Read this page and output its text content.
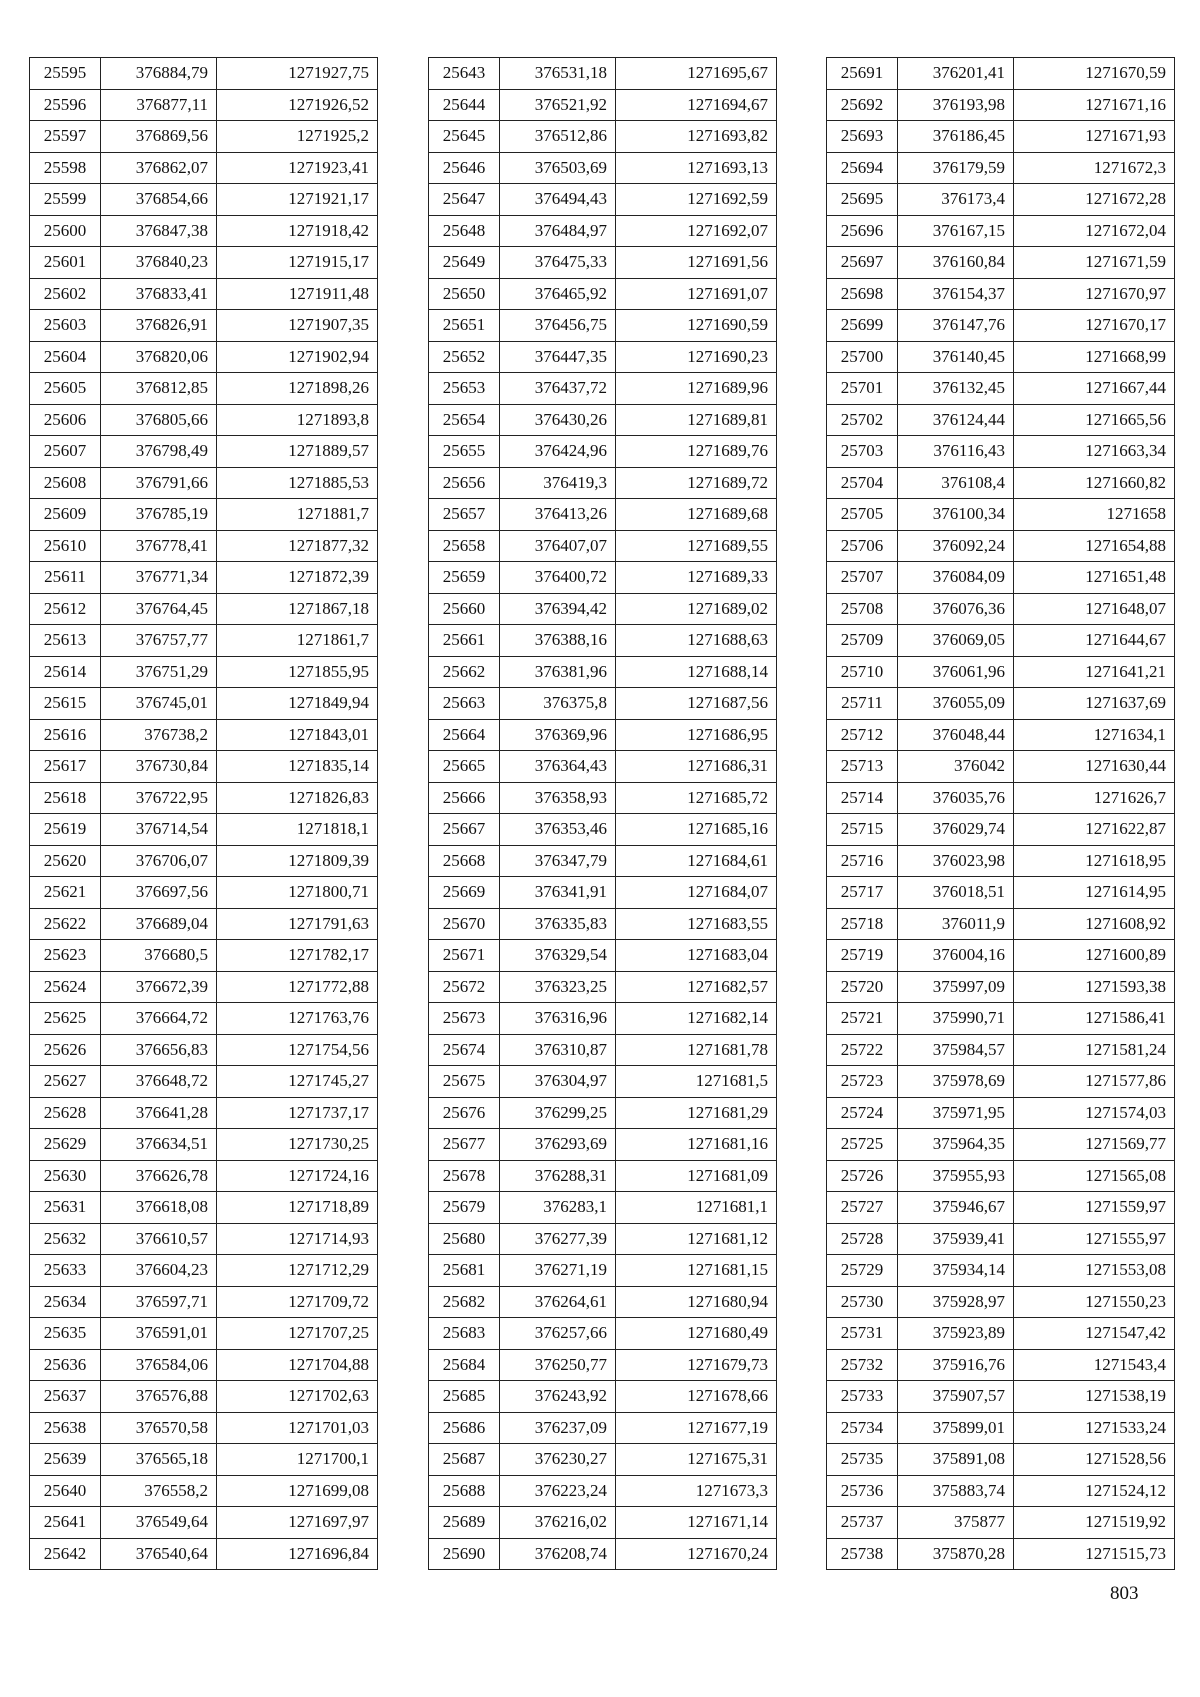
25595	376884,79	1271927,75
25596	376877,11	1271926,52
25597	376869,56	1271925,2
25598	376862,07	1271923,41
25599	376854,66	1271921,17
25600	376847,38	1271918,42
25601	376840,23	1271915,17
25602	376833,41	1271911,48
25603	376826,91	1271907,35
25604	376820,06	1271902,94
25605	376812,85	1271898,26
25606	376805,66	1271893,8
25607	376798,49	1271889,57
25608	376791,66	1271885,53
25609	376785,19	1271881,7
25610	376778,41	1271877,32
25611	376771,34	1271872,39
25612	376764,45	1271867,18
25613	376757,77	1271861,7
25614	376751,29	1271855,95
25615	376745,01	1271849,94
25616	376738,2	1271843,01
25617	376730,84	1271835,14
25618	376722,95	1271826,83
25619	376714,54	1271818,1
25620	376706,07	1271809,39
25621	376697,56	1271800,71
25622	376689,04	1271791,63
25623	376680,5	1271782,17
25624	376672,39	1271772,88
25625	376664,72	1271763,76
25626	376656,83	1271754,56
25627	376648,72	1271745,27
25628	376641,28	1271737,17
25629	376634,51	1271730,25
25630	376626,78	1271724,16
25631	376618,08	1271718,89
25632	376610,57	1271714,93
25633	376604,23	1271712,29
25634	376597,71	1271709,72
25635	376591,01	1271707,25
25636	376584,06	1271704,88
25637	376576,88	1271702,63
25638	376570,58	1271701,03
25639	376565,18	1271700,1
25640	376558,2	1271699,08
25641	376549,64	1271697,97
25642	376540,64	1271696,84
25643	376531,18	1271695,67
25644	376521,92	1271694,67
25645	376512,86	1271693,82
25646	376503,69	1271693,13
25647	376494,43	1271692,59
25648	376484,97	1271692,07
25649	376475,33	1271691,56
25650	376465,92	1271691,07
25651	376456,75	1271690,59
25652	376447,35	1271690,23
25653	376437,72	1271689,96
25654	376430,26	1271689,81
25655	376424,96	1271689,76
25656	376419,3	1271689,72
25657	376413,26	1271689,68
25658	376407,07	1271689,55
25659	376400,72	1271689,33
25660	376394,42	1271689,02
25661	376388,16	1271688,63
25662	376381,96	1271688,14
25663	376375,8	1271687,56
25664	376369,96	1271686,95
25665	376364,43	1271686,31
25666	376358,93	1271685,72
25667	376353,46	1271685,16
25668	376347,79	1271684,61
25669	376341,91	1271684,07
25670	376335,83	1271683,55
25671	376329,54	1271683,04
25672	376323,25	1271682,57
25673	376316,96	1271682,14
25674	376310,87	1271681,78
25675	376304,97	1271681,5
25676	376299,25	1271681,29
25677	376293,69	1271681,16
25678	376288,31	1271681,09
25679	376283,1	1271681,1
25680	376277,39	1271681,12
25681	376271,19	1271681,15
25682	376264,61	1271680,94
25683	376257,66	1271680,49
25684	376250,77	1271679,73
25685	376243,92	1271678,66
25686	376237,09	1271677,19
25687	376230,27	1271675,31
25688	376223,24	1271673,3
25689	376216,02	1271671,14
25690	376208,74	1271670,24
25691	376201,41	1271670,59
25692	376193,98	1271671,16
25693	376186,45	1271671,93
25694	376179,59	1271672,3
25695	376173,4	1271672,28
25696	376167,15	1271672,04
25697	376160,84	1271671,59
25698	376154,37	1271670,97
25699	376147,76	1271670,17
25700	376140,45	1271668,99
25701	376132,45	1271667,44
25702	376124,44	1271665,56
25703	376116,43	1271663,34
25704	376108,4	1271660,82
25705	376100,34	1271658
25706	376092,24	1271654,88
25707	376084,09	1271651,48
25708	376076,36	1271648,07
25709	376069,05	1271644,67
25710	376061,96	1271641,21
25711	376055,09	1271637,69
25712	376048,44	1271634,1
25713	376042	1271630,44
25714	376035,76	1271626,7
25715	376029,74	1271622,87
25716	376023,98	1271618,95
25717	376018,51	1271614,95
25718	376011,9	1271608,92
25719	376004,16	1271600,89
25720	375997,09	1271593,38
25721	375990,71	1271586,41
25722	375984,57	1271581,24
25723	375978,69	1271577,86
25724	375971,95	1271574,03
25725	375964,35	1271569,77
25726	375955,93	1271565,08
25727	375946,67	1271559,97
25728	375939,41	1271555,97
25729	375934,14	1271553,08
25730	375928,97	1271550,23
25731	375923,89	1271547,42
25732	375916,76	1271543,4
25733	375907,57	1271538,19
25734	375899,01	1271533,24
25735	375891,08	1271528,56
25736	375883,74	1271524,12
25737	375877	1271519,92
25738	375870,28	1271515,73
803
